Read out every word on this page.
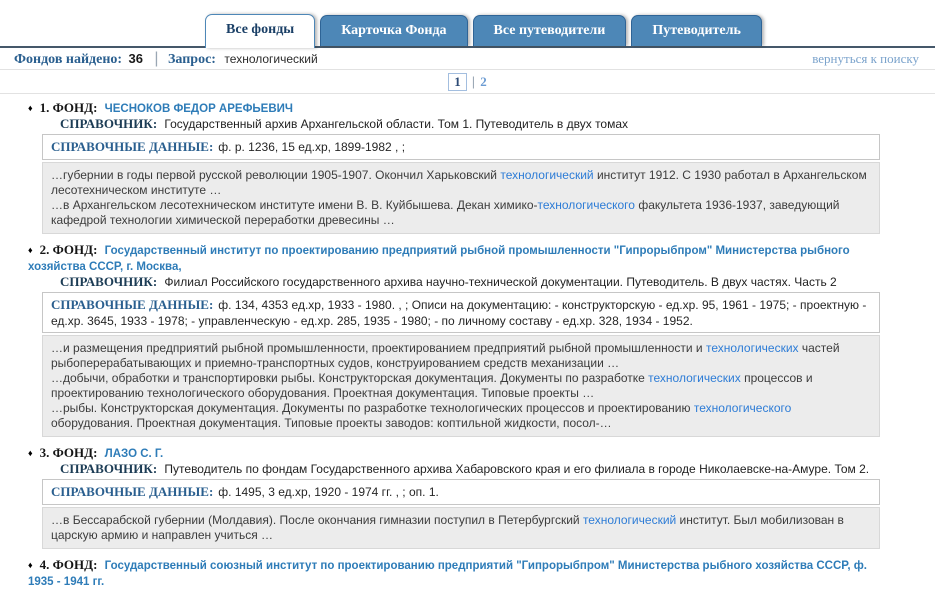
Все фонды	Карточка Фонда	Все путеводители	Путеводитель
Фондов найдено: 36 | Запрос: технологический	вернуться к поиску
1 | 2
♦ 1. ФОНД: ЧЕСНОКОВ ФЕДОР АРЕФЬЕВИЧ
СПРАВОЧНИК: Государственный архив Архангельской области. Том 1. Путеводитель в двух томах
СПРАВОЧНЫЕ ДАННЫЕ: ф. р. 1236, 15 ед.хр, 1899-1982 , ;
…губернии в годы первой русской революции 1905-1907. Окончил Харьковский технологический институт 1912. С 1930 работал в Архангельском лесотехническом институте …
…в Архангельском лесотехническом институте имени В. В. Куйбышева. Декан химико-технологического факультета 1936-1937, заведующий кафедрой технологии химической переработки древесины …
♦ 2. ФОНД: Государственный институт по проектированию предприятий рыбной промышленности "Гипрорыбпром" Министерства рыбного хозяйства СССР, г. Москва,
СПРАВОЧНИК: Филиал Российского государственного архива научно-технической документации. Путеводитель. В двух частях. Часть 2
СПРАВОЧНЫЕ ДАННЫЕ: ф. 134, 4353 ед.хр, 1933 - 1980. , ; Описи на документацию: - конструкторскую - ед.хр. 95, 1961 - 1975; - проектную - ед.хр. 3645, 1933 - 1978; - управленческую - ед.хр. 285, 1935 - 1980; - по личному составу - ед.хр. 328, 1934 - 1952.
…и размещения предприятий рыбной промышленности, проектированием предприятий рыбной промышленности и технологических частей рыбоперерабатывающих и приемно-транспортных судов, конструированием средств механизации …
…добычи, обработки и транспортировки рыбы. Конструкторская документация. Документы по разработке технологических процессов и проектированию технологического оборудования. Проектная документация. Типовые проекты …
…рыбы. Конструкторская документация. Документы по разработке технологических процессов и проектированию технологического оборудования. Проектная документация. Типовые проекты заводов: коптильной жидкости, посол-…
♦ 3. ФОНД: ЛАЗО С. Г.
СПРАВОЧНИК: Путеводитель по фондам Государственного архива Хабаровского края и его филиала в городе Николаевске-на-Амуре. Том 2.
СПРАВОЧНЫЕ ДАННЫЕ: ф. 1495, 3 ед.хр, 1920 - 1974 гг. , ; оп. 1.
…в Бессарабской губернии (Молдавия). После окончания гимназии поступил в Петербургский технологический институт. Был мобилизован в царскую армию и направлен учиться …
♦ 4. ФОНД: Государственный союзный институт по проектированию предприятий "Гипрорыбпром" Министерства рыбного хозяйства СССР, ф. 1935 - 1941 гг.
